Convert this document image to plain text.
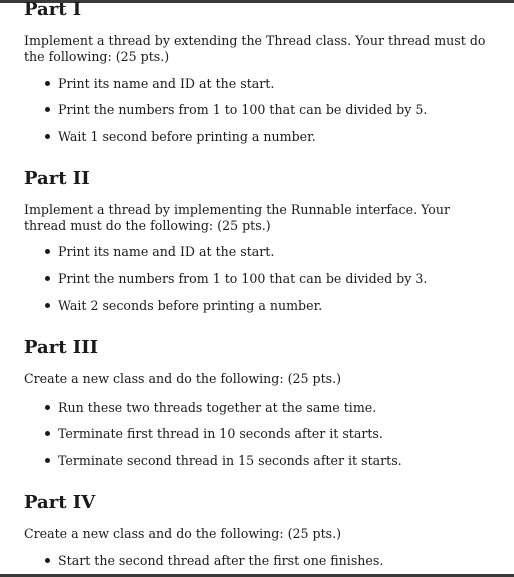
Part I

Implement a thread by extending the Thread class. Your thread must do the following: (25 pts.)

Print its name and ID at the start.
Print the numbers from 1 to 100 that can be divided by 5.
Wait 1 second before printing a number.
Part II

Implement a thread by implementing the Runnable interface. Your thread must do the following: (25 pts.)

Print its name and ID at the start.
Print the numbers from 1 to 100 that can be divided by 3.
Wait 2 seconds before printing a number.
Part III

Create a new class and do the following: (25 pts.)

Run these two threads together at the same time.
Terminate first thread in 10 seconds after it starts.
Terminate second thread in 15 seconds after it starts.
Part IV

Create a new class and do the following: (25 pts.)

Start the second thread after the first one finishes.
